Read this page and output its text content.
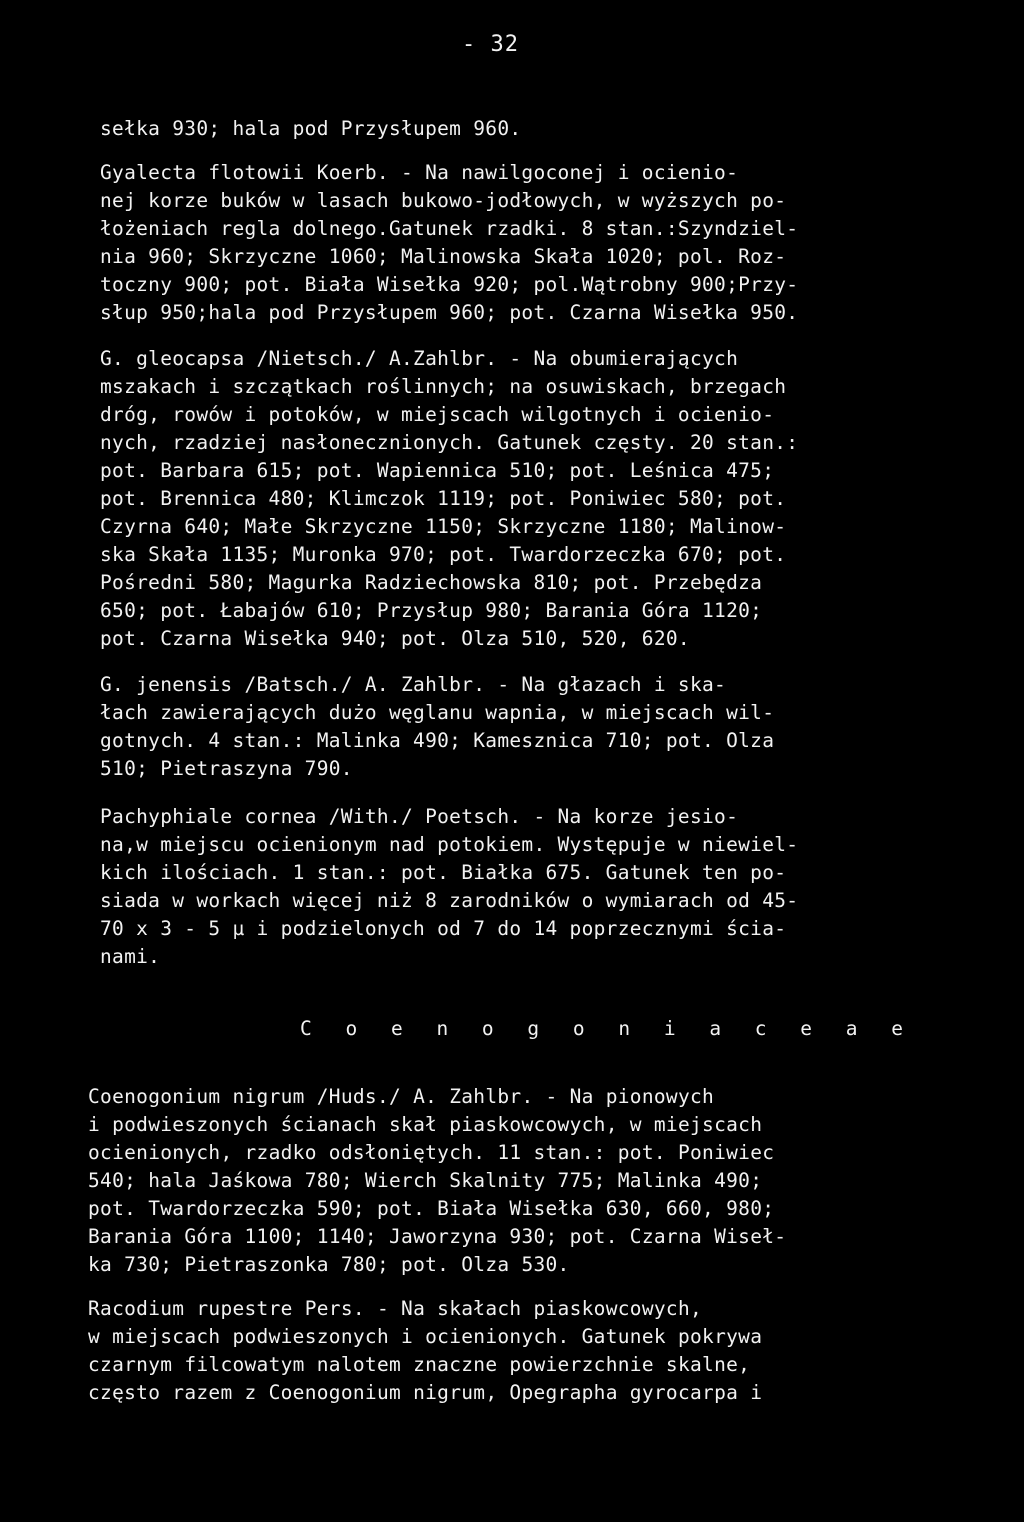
- 32
sełka 930; hala pod Przysłupem 960.
Gyalecta flotowii Koerb. - Na nawilgoconej i ocienio-
nej korze buków w lasach bukowo-jodłowych, w wyższych po-
łożeniach regla dolnego.Gatunek rzadki. 8 stan.:Szyndziel-
nia 960; Skrzyczne 1060; Malinowska Skała 1020; pol. Roz-
toczny 900; pot. Biała Wisełka 920; pol.Wątrobny 900;Przy-
słup 950;hala pod Przysłupem 960; pot. Czarna Wisełka 950.
G. gleocapsa /Nietsch./ A.Zahlbr. - Na obumierających
mszakach i szczątkach roślinnych; na osuwiskach, brzegach
dróg, rowów i potoków, w miejscach wilgotnych i ocienio-
nych, rzadziej nasłonecznionych. Gatunek częsty. 20 stan.:
pot. Barbara 615; pot. Wapiennica 510; pot. Leśnica 475;
pot. Brennica 480; Klimczok 1119; pot. Poniwiec 580; pot.
Czyrna 640; Małe Skrzyczne 1150; Skrzyczne 1180; Malinow-
ska Skała 1135; Muronka 970; pot. Twardorzeczka 670; pot.
Pośredni 580; Magurka Radziechowska 810; pot. Przebędza
650; pot. Łabajów 610; Przysłup 980; Barania Góra 1120;
pot. Czarna Wisełka 940; pot. Olza 510, 520, 620.
G. jenensis /Batsch./ A. Zahlbr. - Na głazach i ska-
łach zawierających dużo węglanu wapnia, w miejscach wil-
gotnych. 4 stan.: Malinka 490; Kamesznica 710; pot. Olza
510; Pietraszyna 790.
Pachyphiale cornea /With./ Poetsch. - Na korze jesio-
na,w miejscu ocienionym nad potokiem. Występuje w niewiel-
kich ilościach. 1 stan.: pot. Białka 675. Gatunek ten po-
siada w workach więcej niż 8 zarodników o wymiarach od 45-
70 x 3 - 5 µ i podzielonych od 7 do 14 poprzecznymi ścia-
nami.
C o e n o g o n i a c e a e
Coenogonium nigrum /Huds./ A. Zahlbr. - Na pionowych
i podwieszonych ścianach skał piaskowcowych, w miejscach
ocienionych, rzadko odsłoniętych. 11 stan.: pot. Poniwiec
540; hala Jaśkowa 780; Wierch Skalnity 775; Malinka 490;
pot. Twardorzeczka 590; pot. Biała Wisełka 630, 660, 980;
Barania Góra 1100; 1140; Jaworzyna 930; pot. Czarna Wiseł-
ka 730; Pietraszonka 780; pot. Olza 530.
Racodium rupestre Pers. - Na skałach piaskowcowych,
w miejscach podwieszonych i ocienionych. Gatunek pokrywa
czarnym filcowatym nalotem znaczne powierzchnie skalne,
często razem z Coenogonium nigrum, Opegrapha gyrocarpa i
